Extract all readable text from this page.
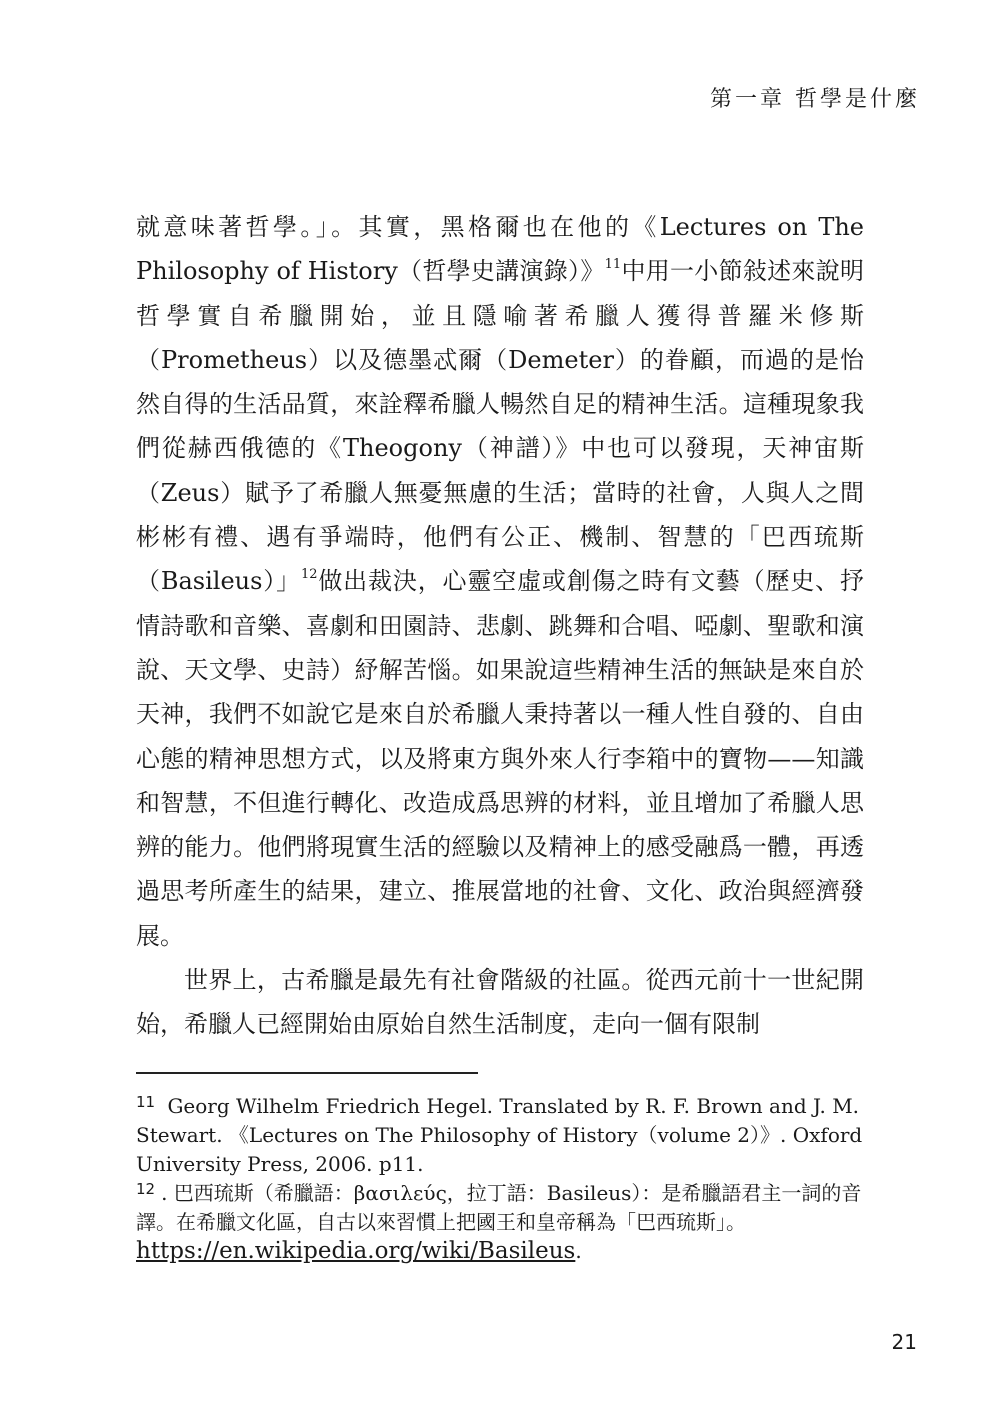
第一章 哲學是什麼

就意味著哲學。」。其實，黑格爾也在他的《Lectures on The Philosophy of History（哲學史講演錄）》$^{11}$中用一小節敍述來說明哲學實自希臘開始，並且隱喻著希臘人獲得普羅米修斯（Prometheus）以及德墨忒爾（Demeter）的眷顧，而過的是怡然自得的生活品質，來詮釋希臘人暢然自足的精神生活。這種現象我們從赫西俄德的《Theogony（神譜）》中也可以發現，天神宙斯（Zeus）賦予了希臘人無憂無慮的生活；當時的社會，人與人之間彬彬有禮、遇有爭端時，他們有公正、機制、智慧的「巴西琉斯（Basileus）」$^{12}$做出裁決，心靈空虛或創傷之時有文藝（歷史、抒情詩歌和音樂、喜劇和田園詩、悲劇、跳舞和合唱、啞劇、聖歌和演說、天文學、史詩）紓解苦惱。如果說這些精神生活的無缺是來自於天神，我們不如說它是來自於希臘人秉持著以一種人性自發的、自由心態的精神思想方式，以及將東方與外來人行李箱中的寶物——知識和智慧，不但進行轉化、改造成爲思辨的材料，並且增加了希臘人思辨的能力。他們將現實生活的經驗以及精神上的感受融爲一體，再透過思考所產生的結果，建立、推展當地的社會、文化、政治與經濟發展。

世界上，古希臘是最先有社會階級的社區。從西元前十一世紀開始，希臘人已經開始由原始自然生活制度，走向一個有限制

$^{11}$ Georg Wilhelm Friedrich Hegel. Translated by R. F. Brown and J. M. Stewart. 《Lectures on The Philosophy of History（volume 2）》. Oxford University Press, 2006. p11.

$^{12}$ . 巴西琉斯（希臘語：βασιλεύς，拉丁語：Basileus）：是希臘語君主一詞的音譯。在希臘文化區，自古以來習慣上把國王和皇帝稱為「巴西琉斯」。https://en.wikipedia.org/wiki/Basileus.

21
